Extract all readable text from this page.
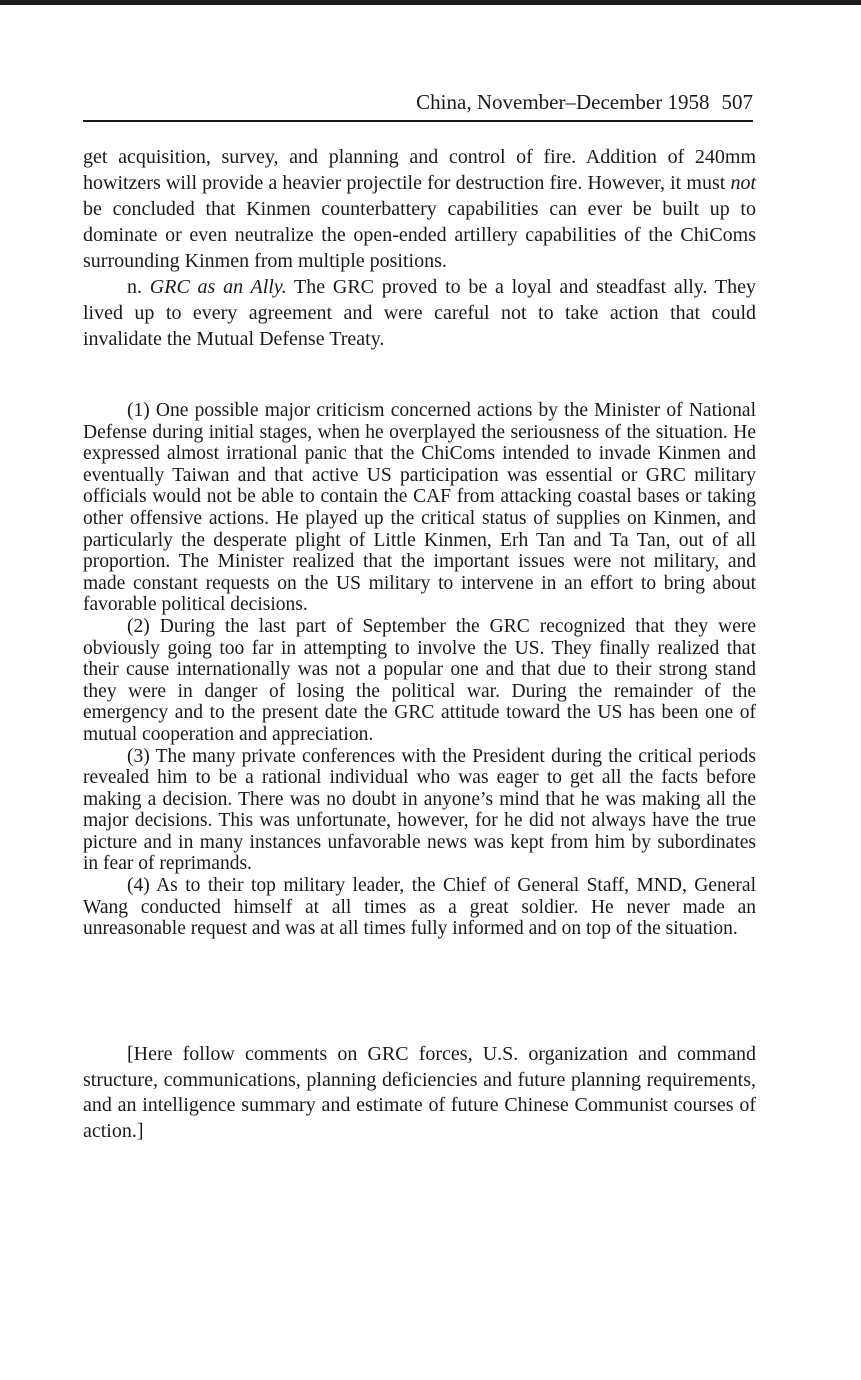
China, November–December 1958 507

get acquisition, survey, and planning and control of fire. Addition of 240mm howitzers will provide a heavier projectile for destruction fire. However, it must not be concluded that Kinmen counterbattery capabilities can ever be built up to dominate or even neutralize the open-ended artillery capabilities of the ChiComs surrounding Kinmen from multiple positions.

n. GRC as an Ally. The GRC proved to be a loyal and steadfast ally. They lived up to every agreement and were careful not to take action that could invalidate the Mutual Defense Treaty.

(1) One possible major criticism concerned actions by the Minister of National Defense during initial stages, when he overplayed the seriousness of the situation. He expressed almost irrational panic that the ChiComs intended to invade Kinmen and eventually Taiwan and that active US participation was essential or GRC military officials would not be able to contain the CAF from attacking coastal bases or taking other offensive actions. He played up the critical status of supplies on Kinmen, and particularly the desperate plight of Little Kinmen, Erh Tan and Ta Tan, out of all proportion. The Minister realized that the important issues were not military, and made constant requests on the US military to intervene in an effort to bring about favorable political decisions.

(2) During the last part of September the GRC recognized that they were obviously going too far in attempting to involve the US. They finally realized that their cause internationally was not a popular one and that due to their strong stand they were in danger of losing the political war. During the remainder of the emergency and to the present date the GRC attitude toward the US has been one of mutual cooperation and appreciation.

(3) The many private conferences with the President during the critical periods revealed him to be a rational individual who was eager to get all the facts before making a decision. There was no doubt in anyone’s mind that he was making all the major decisions. This was unfortunate, however, for he did not always have the true picture and in many instances unfavorable news was kept from him by subordinates in fear of reprimands.

(4) As to their top military leader, the Chief of General Staff, MND, General Wang conducted himself at all times as a great soldier. He never made an unreasonable request and was at all times fully informed and on top of the situation.

[Here follow comments on GRC forces, U.S. organization and command structure, communications, planning deficiencies and future planning requirements, and an intelligence summary and estimate of future Chinese Communist courses of action.]
